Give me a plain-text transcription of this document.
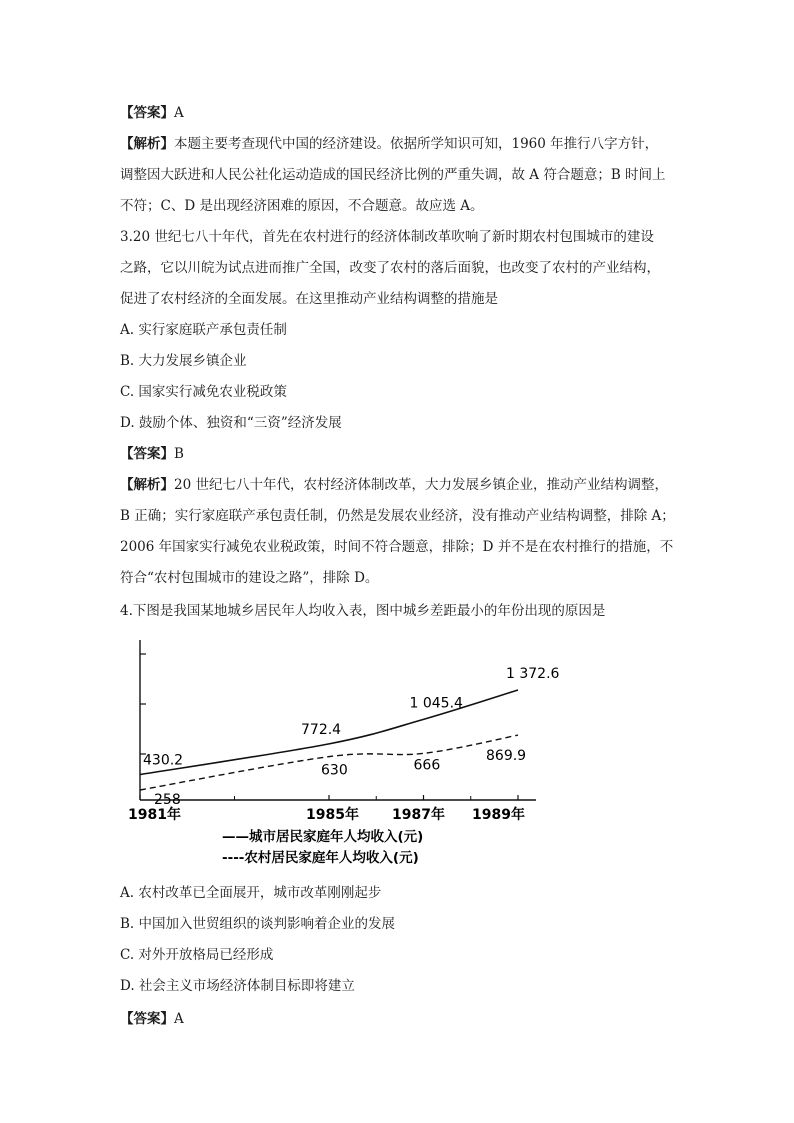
【答案】A
【解析】本题主要考查现代中国的经济建设。依据所学知识可知，1960 年推行八字方针，
调整因大跃进和人民公社化运动造成的国民经济比例的严重失调，故 A 符合题意；B 时间上
不符；C、D 是出现经济困难的原因，不合题意。故应选 A。
3.20 世纪七八十年代，首先在农村进行的经济体制改革吹响了新时期农村包围城市的建设
之路，它以川皖为试点进而推广全国，改变了农村的落后面貌，也改变了农村的产业结构，
促进了农村经济的全面发展。在这里推动产业结构调整的措施是
A. 实行家庭联产承包责任制
B. 大力发展乡镇企业
C. 国家实行减免农业税政策
D. 鼓励个体、独资和“三资”经济发展
【答案】B
【解析】20 世纪七八十年代，农村经济体制改革，大力发展乡镇企业，推动产业结构调整，
B 正确；实行家庭联产承包责任制，仍然是发展农业经济，没有推动产业结构调整，排除 A；
2006 年国家实行减免农业税政策，时间不符合题意，排除；D 并不是在农村推行的措施，不
符合“农村包围城市的建设之路”，排除 D。
4.下图是我国某地城乡居民年人均收入表，图中城乡差距最小的年份出现的原因是
430.2
772.4
1 045.4
1 372.6
258
630	666
869.9
1981年	1985年 1987年 1989年
——城市居民家庭年人均收入(元)
----农村居民家庭年人均收入(元)
A. 农村改革已全面展开，城市改革刚刚起步
B. 中国加入世贸组织的谈判影响着企业的发展
C. 对外开放格局已经形成
D. 社会主义市场经济体制目标即将建立
【答案】A
